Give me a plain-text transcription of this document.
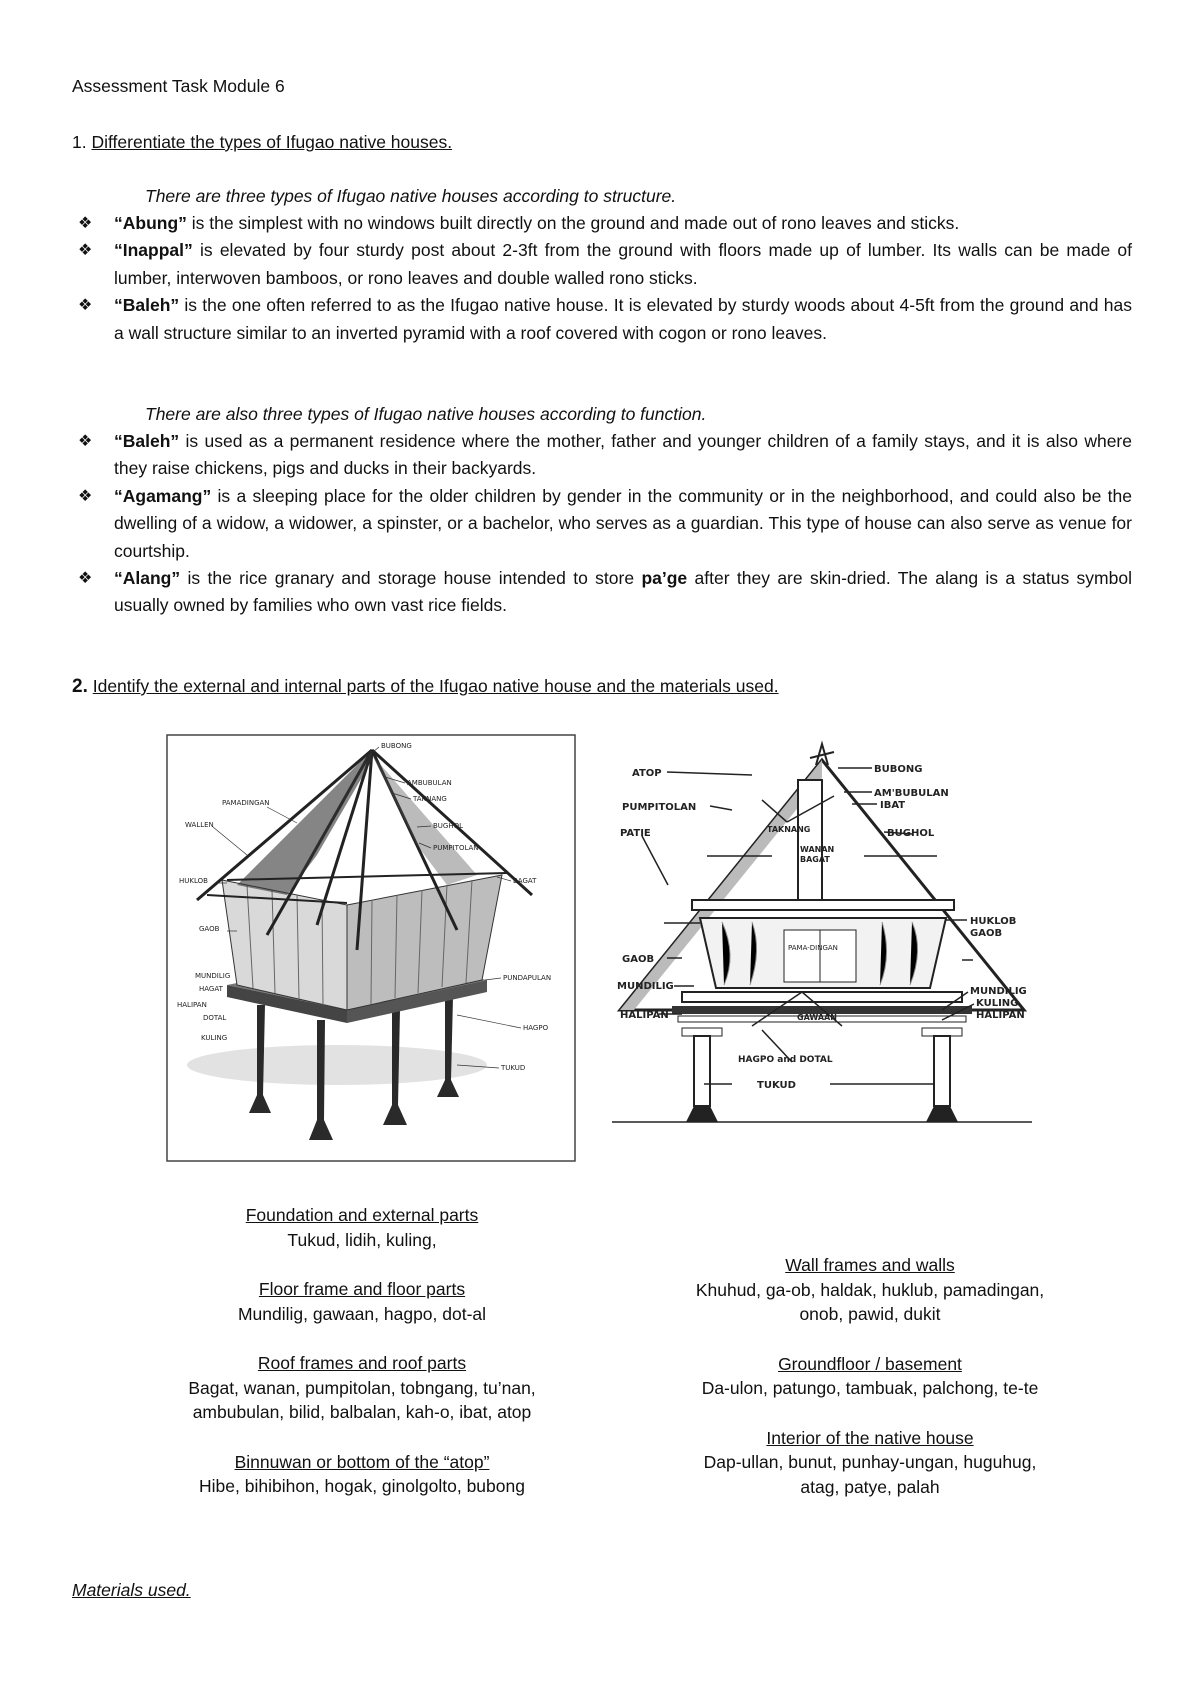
Assessment Task Module 6
1. Differentiate the types of Ifugao native houses.
There are three types of Ifugao native houses according to structure.
❖ “Abung” is the simplest with no windows built directly on the ground and made out of rono leaves and sticks.
❖ “Inappal” is elevated by four sturdy post about 2-3ft from the ground with floors made up of lumber. Its walls can be made of lumber, interwoven bamboos, or rono leaves and double walled rono sticks.
❖ “Baleh” is the one often referred to as the Ifugao native house. It is elevated by sturdy woods about 4-5ft from the ground and has a wall structure similar to an inverted pyramid with a roof covered with cogon or rono leaves.
There are also three types of Ifugao native houses according to function.
❖ “Baleh” is used as a permanent residence where the mother, father and younger children of a family stays, and it is also where they raise chickens, pigs and ducks in their backyards.
❖ “Agamang” is a sleeping place for the older children by gender in the community or in the neighborhood, and could also be the dwelling of a widow, a widower, a spinster, or a bachelor, who serves as a guardian. This type of house can also serve as venue for courtship.
❖ “Alang” is the rice granary and storage house intended to store pa’ge after they are skin-dried. The alang is a status symbol usually owned by families who own vast rice fields.
2. Identify the external and internal parts of the Ifugao native house and the materials used.
BUBONG
AMBUBULAN
TAKNANG
PAMADINGAN
WALLEN	BUGHOL
PUMPITOLAN
HUKLOB	BAGAT
GAOB
MUNDILIG
HAGAT
HALIPAN
DOTAL
KULING
PUNDAPULAN
HAGPO
TUKUD
BUBONG
AM'BUBULAN
IBAT
ATOP
PUMPITOLAN
TAKNANG	BUGHOL
PATIE
WANAN
BAGAT
PAMA-DINGAN
HUKLOB
GAOB
GAOB
MUNDILIG	MUNDILIG
KULING
HALIPAN
HALIPAN	GAWAAN
HAGPO and DOTAL
TUKUD
Foundation and external parts
Tukud, lidih, kuling,
Floor frame and floor parts
Mundilig, gawaan, hagpo, dot-al
Roof frames and roof parts
Bagat, wanan, pumpitolan, tobngang, tu’nan, ambubulan, bilid, balbalan, kah-o, ibat, atop
Binnuwan or bottom of the “atop”
Hibe, bihibihon, hogak, ginolgolto, bubong
Wall frames and walls
Khuhud, ga-ob, haldak, huklub, pamadingan, onob, pawid, dukit
Groundfloor / basement
Da-ulon, patungo, tambuak, palchong, te-te
Interior of the native house
Dap-ullan, bunut, punhay-ungan, huguhug, atag, patye, palah
Materials used.
